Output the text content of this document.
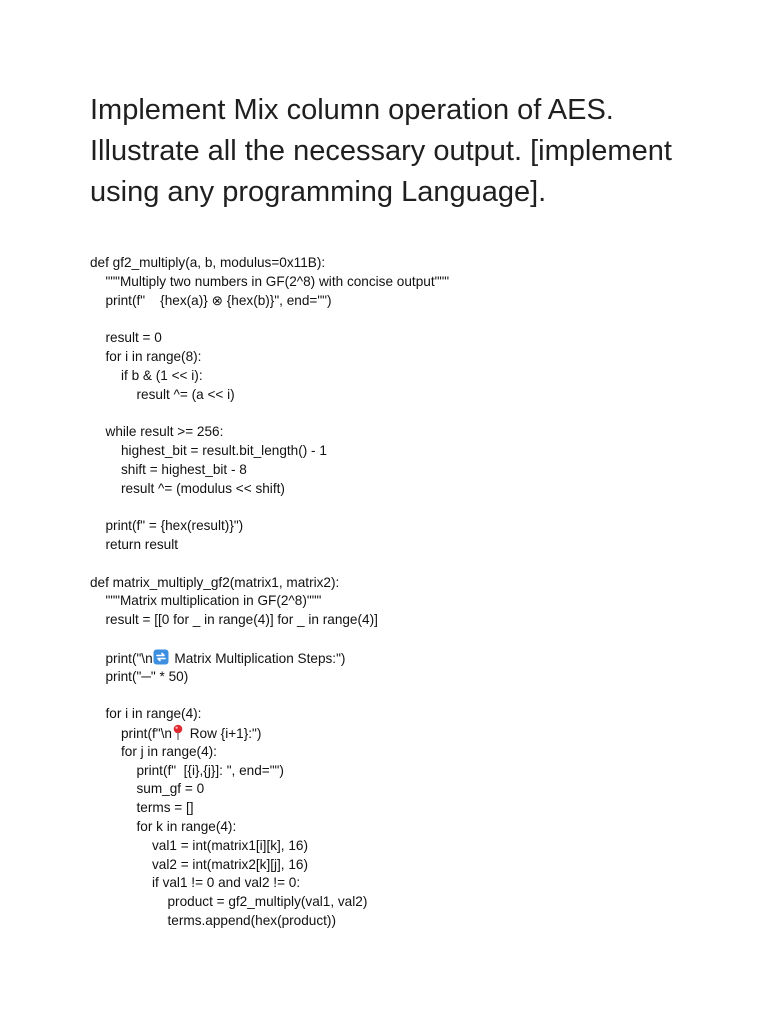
Implement Mix column operation of AES.
Illustrate all the necessary output. [implement
using any programming Language].
def gf2_multiply(a, b, modulus=0x11B):
"""Multiply two numbers in GF(2^8) with concise output"""
print(f"    {hex(a)} ⊗ {hex(b)}", end="")
result = 0
for i in range(8):
if b & (1 << i):
result ^= (a << i)
while result >= 256:
highest_bit = result.bit_length() - 1
shift = highest_bit - 8
result ^= (modulus << shift)
print(f" = {hex(result)}")
return result
def matrix_multiply_gf2(matrix1, matrix2):
"""Matrix multiplication in GF(2^8)"""
result = [[0 for _ in range(4)] for _ in range(4)]
print("\n Matrix Multiplication Steps:")
print("─" * 50)
for i in range(4):
print(f"\n Row {i+1}:")
for j in range(4):
print(f"  [{i},{j}]: ", end="")
sum_gf = 0
terms = []
for k in range(4):
val1 = int(matrix1[i][k], 16)
val2 = int(matrix2[k][j], 16)
if val1 != 0 and val2 != 0:
product = gf2_multiply(val1, val2)
terms.append(hex(product))
